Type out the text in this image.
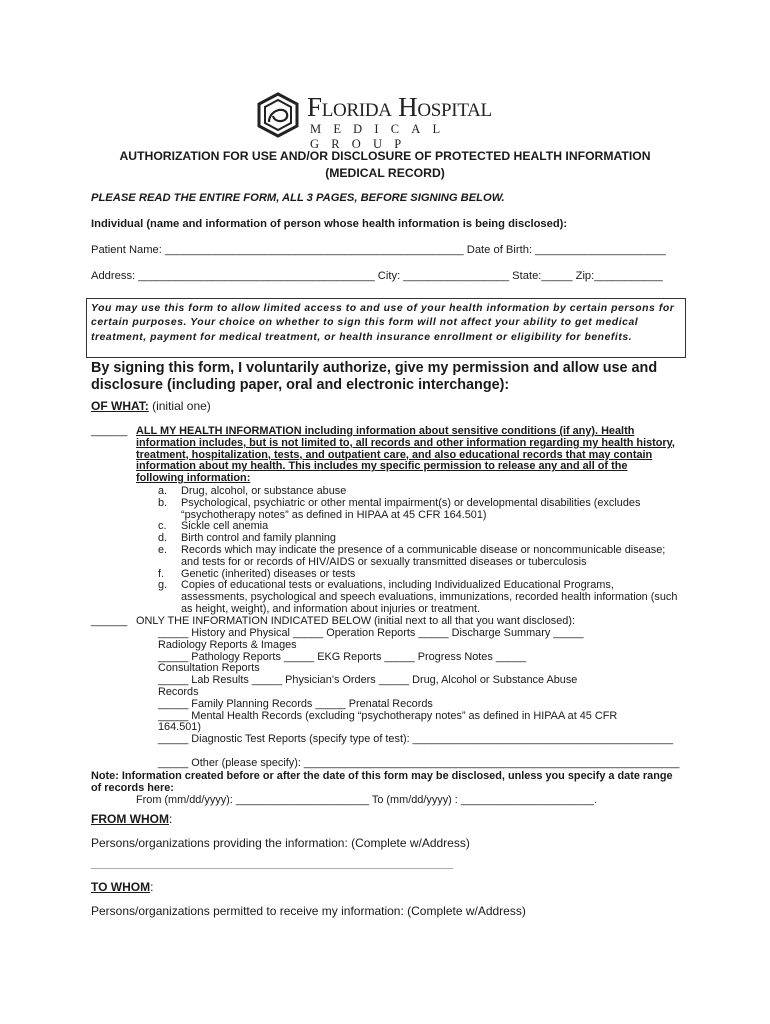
Florida Hospital
MEDICAL GROUP
AUTHORIZATION FOR USE AND/OR DISCLOSURE OF PROTECTED HEALTH INFORMATION
(MEDICAL RECORD)
PLEASE READ THE ENTIRE FORM, ALL 3 PAGES, BEFORE SIGNING BELOW.
Individual (name and information of person whose health information is being disclosed):
Patient Name: ________________________________________________ Date of Birth: _____________________
Address: ______________________________________ City: _________________ State:_____ Zip:___________
You may use this form to allow limited access to and use of your health information by certain persons for certain purposes. Your choice on whether to sign this form will not affect your ability to get medical treatment, payment for medical treatment, or health insurance enrollment or eligibility for benefits.
By signing this form, I voluntarily authorize, give my permission and allow use and
disclosure (including paper, oral and electronic interchange):
OF WHAT: (initial one)
______ ALL MY HEALTH INFORMATION including information about sensitive conditions (if any). Health information includes, but is not limited to, all records and other information regarding my health history, treatment, hospitalization, tests, and outpatient care, and also educational records that may contain information about my health. This includes my specific permission to release any and all of the following information:
a.	Drug, alcohol, or substance abuse
b.	Psychological, psychiatric or other mental impairment(s) or developmental disabilities (excludes “psychotherapy notes” as defined in HIPAA at 45 CFR 164.501)
c.	Sickle cell anemia
d.	Birth control and family planning
e.	Records which may indicate the presence of a communicable disease or noncommunicable disease; and tests for or records of HIV/AIDS or sexually transmitted diseases or tuberculosis
f.	Genetic (inherited) diseases or tests
g.	Copies of educational tests or evaluations, including Individualized Educational Programs, assessments, psychological and speech evaluations, immunizations, recorded health information (such as height, weight), and information about injuries or treatment.
______ ONLY THE INFORMATION INDICATED BELOW (initial next to all that you want disclosed):
_____ History and Physical _____ Operation Reports _____ Discharge Summary _____
Radiology Reports & Images
_____ Pathology Reports _____ EKG Reports _____ Progress Notes _____
Consultation Reports
_____ Lab Results _____ Physician’s Orders _____ Drug, Alcohol or Substance Abuse
Records
_____ Family Planning Records _____ Prenatal Records
_____ Mental Health Records (excluding “psychotherapy notes” as defined in HIPAA at 45 CFR
164.501)
_____ Diagnostic Test Reports (specify type of test): ___________________________________________
_____ Other (please specify): ______________________________________________________________
Note: Information created before or after the date of this form may be disclosed, unless you specify a date range of records here:
From (mm/dd/yyyy): ______________________ To (mm/dd/yyyy) : ______________________.
FROM WHOM:
Persons/organizations providing the information: (Complete w/Address)
TO WHOM:
Persons/organizations permitted to receive my information: (Complete w/Address)
